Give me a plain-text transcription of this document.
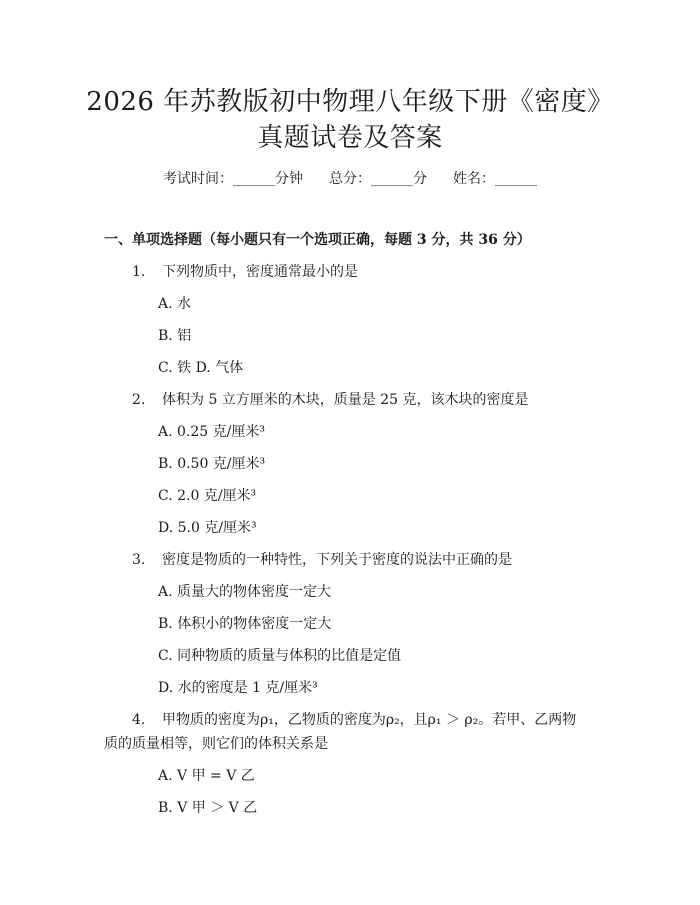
2026 年苏教版初中物理八年级下册《密度》
真题试卷及答案
考试时间：______分钟 总分：______分 姓名：______
一、单项选择题（每小题只有一个选项正确，每题 3 分，共 36 分）
1. 下列物质中，密度通常最小的是
A. 水
B. 铝
C. 铁 D. 气体
2. 体积为 5 立方厘米的木块，质量是 25 克，该木块的密度是
A. 0.25 克/厘米³
B. 0.50 克/厘米³
C. 2.0 克/厘米³
D. 5.0 克/厘米³
3. 密度是物质的一种特性，下列关于密度的说法中正确的是
A. 质量大的物体密度一定大
B. 体积小的物体密度一定大
C. 同种物质的质量与体积的比值是定值
D. 水的密度是 1 克/厘米³
4. 甲物质的密度为ρ₁，乙物质的密度为ρ₂，且ρ₁ ＞ ρ₂。若甲、乙两物
质的质量相等，则它们的体积关系是
A. V 甲 = V 乙
B. V 甲 ＞ V 乙
